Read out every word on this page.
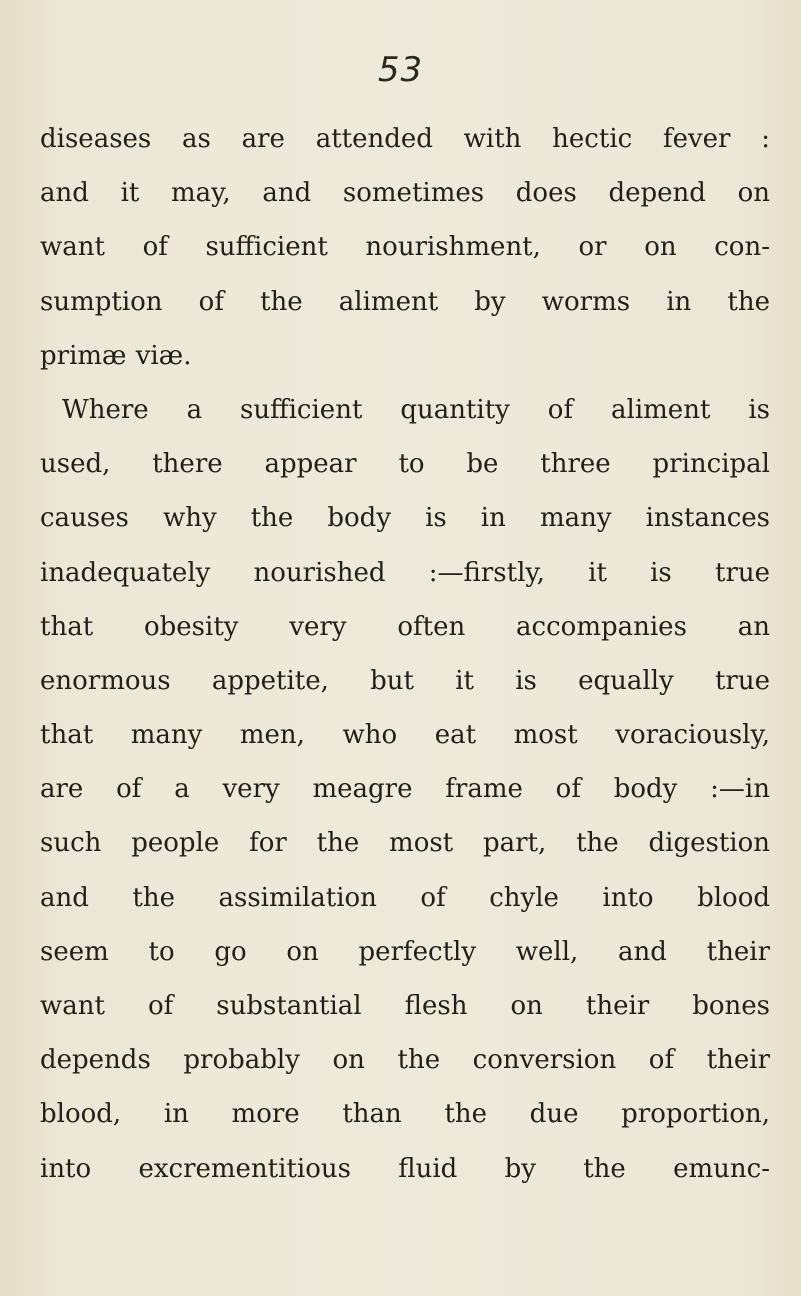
53
diseases as are attended with hectic fever :
and it may, and sometimes does depend on
want of sufficient nourishment, or on con-
sumption of the aliment by worms in the
primæ viæ.
Where a sufficient quantity of aliment is
used, there appear to be three principal
causes why the body is in many instances
inadequately nourished :—firstly, it is true
that obesity very often accompanies an
enormous appetite, but it is equally true
that many men, who eat most voraciously,
are of a very meagre frame of body :—in
such people for the most part, the digestion
and the assimilation of chyle into blood
seem to go on perfectly well, and their
want of substantial flesh on their bones
depends probably on the conversion of their
blood, in more than the due proportion,
into excrementitious fluid by the emunc-
